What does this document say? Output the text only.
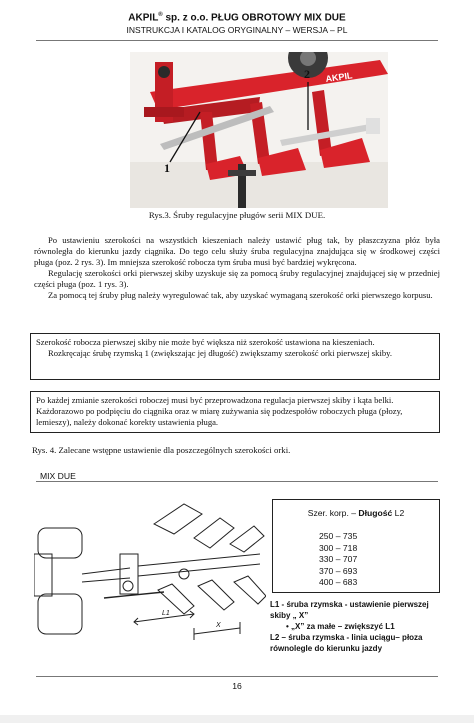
AKPIL® sp. z o.o. PŁUG OBROTOWY MIX DUE
INSTRUKCJA I KATALOG ORYGINALNY – WERSJA – PL
AKPIL
1
2
Rys.3. Śruby regulacyjne pługów serii MIX DUE.

Po ustawieniu szerokości na wszystkich kieszeniach należy ustawić pług tak, by płaszczyzna płóz była równoległa do kierunku jazdy ciągnika. Do tego celu służy śruba regulacyjna znajdująca się w środkowej części pługa (poz. 2 rys. 3). Im mniejsza szerokość robocza tym śruba musi być bardziej wykręcona.

Regulację szerokości orki pierwszej skiby uzyskuje się za pomocą śruby regulacyjnej znajdującej się w przedniej części pługa (poz. 1 rys. 3).

Za pomocą tej śruby pług należy wyregulować tak, aby uzyskać wymaganą szerokość orki pierwszego korpusu.

Szerokość robocza pierwszej skiby nie może być większa niż szerokość ustawiona na kieszeniach.

Rozkręcając śrubę rzymską 1 (zwiększając jej długość) zwiększamy szerokość orki pierwszej skiby.

Po każdej zmianie szerokości roboczej musi być przeprowadzona regulacja pierwszej skiby i kąta belki. Każdorazowo po podpięciu do ciągnika oraz w miarę zużywania się podzespołów roboczych pługa (płozy, lemieszy), należy dokonać korekty ustawienia pługa.

Rys. 4. Zalecane wstępne ustawienie dla poszczególnych szerokości orki.
MIX DUE
L1
X
Szer. korp. – Długość L2
250 – 735
300 – 718
330 – 707
370 – 693
400 – 683
L1 - śruba rzymska - ustawienie pierwszej skiby „ X”
• „X” za małe – zwiększyć L1
L2 – śruba rzymska - linia uciągu– płoza równolegle do kierunku jazdy
16
